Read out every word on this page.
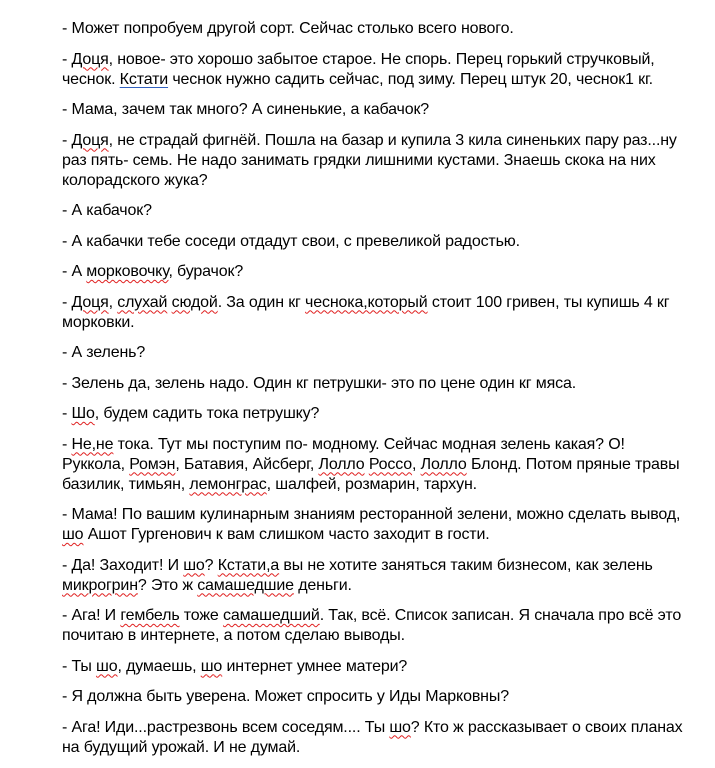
- Может попробуем другой сорт. Сейчас столько всего нового.

- Доця, новое- это хорошо забытое старое. Не спорь. Перец горький стручковый, чеснок. Кстати чеснок нужно садить сейчас, под зиму. Перец штук 20, чеснок1 кг.

- Мама, зачем так много? А синенькие, а кабачок?

- Доця, не страдай фигнёй. Пошла на базар и купила 3 кила синеньких пару раз...ну раз пять- семь. Не надо занимать грядки лишними кустами. Знаешь скока на них колорадского жука?

- А кабачок?

- А кабачки тебе соседи отдадут свои, с превеликой радостью.

- А морковочку, бурачок?

- Доця, слухай сюдой. За один кг чеснока,который стоит 100 гривен, ты купишь 4 кг морковки.

- А зелень?

- Зелень да, зелень надо. Один кг петрушки- это по цене один кг мяса.

- Шо, будем садить тока петрушку?

- Не,не тока. Тут мы поступим по- модному. Сейчас модная зелень какая? О! Руккола, Ромэн, Батавия, Айсберг, Лолло Россо, Лолло Блонд. Потом пряные травы базилик, тимьян, лемонграс, шалфей, розмарин, тархун.

- Мама! По вашим кулинарным знаниям ресторанной зелени, можно сделать вывод, шо Ашот Гургенович к вам слишком часто заходит в гости.

- Да! Заходит! И шо? Кстати,а вы не хотите заняться таким бизнесом, как зелень микрогрин? Это ж самашедшие деньги.

- Ага! И гембель тоже самашедший. Так, всё. Список записан. Я сначала про всё это почитаю в интернете, а потом сделаю выводы.

- Ты шо, думаешь, шо интернет умнее матери?

- Я должна быть уверена. Может спросить у Иды Марковны?

- Ага! Иди...растрезвонь всем соседям.... Ты шо? Кто ж рассказывает о своих планах на будущий урожай. И не думай.
